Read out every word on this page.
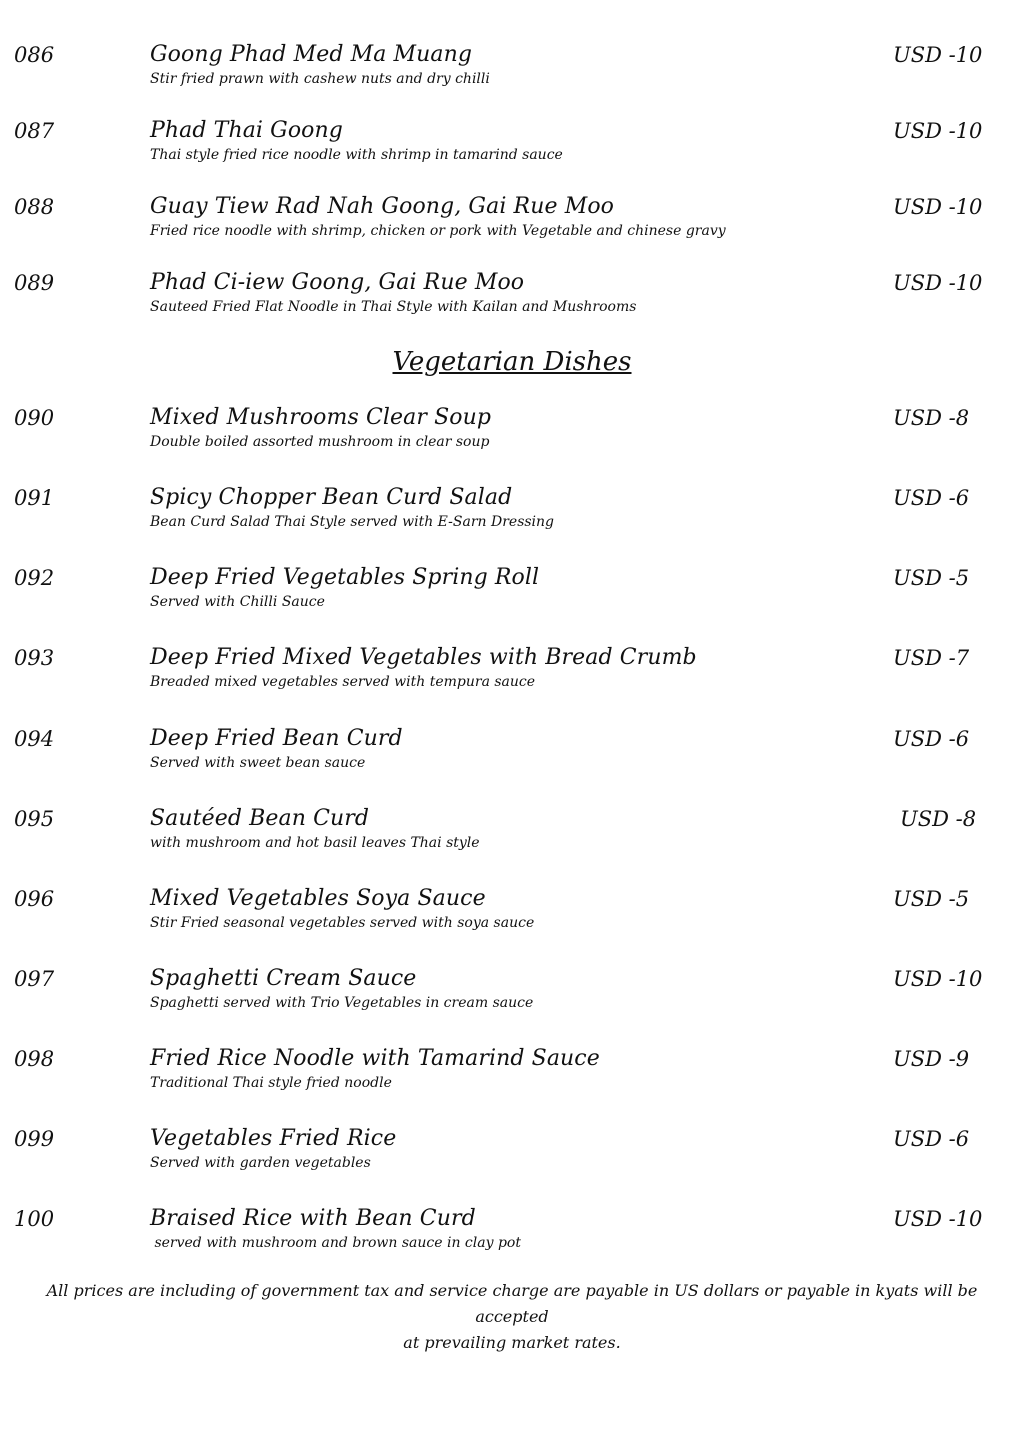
086	Goong Phad Med Ma Muang
Stir fried prawn with cashew nuts and dry chilli
USD -10
087	Phad Thai Goong
Thai style fried rice noodle with shrimp in tamarind sauce
USD -10
088	Guay Tiew Rad Nah Goong, Gai Rue Moo
Fried rice noodle with shrimp, chicken or pork with Vegetable and chinese gravy
USD -10
089	Phad Ci-iew Goong, Gai Rue Moo
Sauteed Fried Flat Noodle in Thai Style with Kailan and Mushrooms
USD -10
Vegetarian Dishes
090	Mixed Mushrooms Clear Soup
Double boiled assorted mushroom in clear soup
USD -8
091	Spicy Chopper Bean Curd Salad
Bean Curd Salad Thai Style served with E-Sarn Dressing
USD -6
092	Deep Fried Vegetables Spring Roll
Served with Chilli Sauce
USD -5
093	Deep Fried Mixed Vegetables with Bread Crumb
Breaded mixed vegetables served with tempura sauce
USD -7
094	Deep Fried Bean Curd
Served with sweet bean sauce
USD -6
095	Sautéed Bean Curd
with mushroom and hot basil leaves Thai style
USD -8
096	Mixed Vegetables Soya Sauce
Stir Fried seasonal vegetables served with soya sauce
USD -5
097	Spaghetti Cream Sauce
Spaghetti served with Trio Vegetables in cream sauce
USD -10
098	Fried Rice Noodle with Tamarind Sauce
Traditional Thai style fried noodle
USD -9
099	Vegetables Fried Rice
Served with garden vegetables
USD -6
100	Braised Rice with Bean Curd
served with mushroom and brown sauce in clay pot
USD -10
All prices are including of government tax and service charge are payable in US dollars or payable in kyats will be accepted
at prevailing market rates.
